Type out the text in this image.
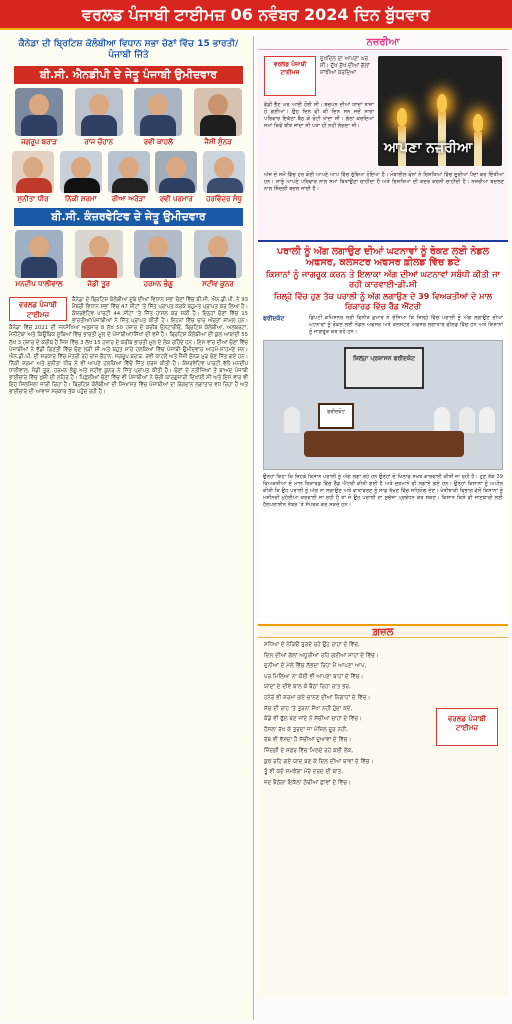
ਵਰਲਡ ਪੰਜਾਬੀ ਟਾਈਮਜ਼ 06 ਨਵੰਬਰ 2024 ਦਿਨ ਬੁੱਧਵਾਰ
ਕੈਨੇਡਾ ਦੀ ਬ੍ਰਿਟਿਸ਼ ਕੋਲੰਬੀਆ ਵਿਧਾਨ ਸਭਾ ਚੋਣਾਂ ਵਿੱਚ 15 ਭਾਰਤੀ/ਪੰਜਾਬੀ ਜਿੱਤੇ
ਬੀ.ਸੀ. ਐਨਡੀਪੀ ਦੇ ਜੇਤੂ ਪੰਜਾਬੀ ਉਮੀਦਵਾਰ
ਜਗਰੂਪ ਬਰਾੜ	ਰਾਜ ਚੌਹਾਨ	ਰਵੀ ਕਾਹਲੋਂ	ਜੈਸੀ ਸੁੰਨੜ
ਸੁਨੀਤਾ ਧੀਰ	ਨਿੱਕੀ ਸ਼ਰਮਾ	ਰੀਆ ਅਰੋੜਾ	ਰਵੀ ਪਰਮਾਰ	ਹਰਵਿੰਦਰ ਸੰਧੂ
ਬੀ.ਸੀ. ਕੰਜ਼ਰਵੇਟਿਵ ਦੇ ਜੇਤੂ ਉਮੀਦਵਾਰ
ਮਨਦੀਪ ਧਾਲੀਵਾਲ	ਜੋਡੀ ਤੂਰ	ਹਰਮਨ ਭੰਗੂ	ਸਟੀਵ ਕੂਨਰ
ਵਰਲਡ ਪੰਜਾਬੀ ਟਾਈਮਜ਼
ਕੈਨੇਡਾ ਦੇ ਬ੍ਰਿਟਿਸ਼ ਕੋਲੰਬੀਆ ਸੂਬੇ ਦੀਆਂ ਵਿਧਾਨ ਸਭਾ ਚੋਣਾਂ ਵਿੱਚ ਬੀ.ਸੀ. ਐਨ.ਡੀ.ਪੀ. ਨੇ 93 ਮੈਂਬਰੀ ਵਿਧਾਨ ਸਭਾ ਵਿੱਚ 47 ਸੀਟਾਂ 'ਤੇ ਜਿੱਤ ਪ੍ਰਾਪਤ ਕਰਕੇ ਬਹੁਮਤ ਪ੍ਰਾਪਤ ਕਰ ਲਿਆ ਹੈ। ਕੰਜ਼ਰਵੇਟਿਵ ਪਾਰਟੀ 44 ਸੀਟਾਂ 'ਤੇ ਜਿੱਤ ਹਾਸਲ ਕਰ ਸਕੀ ਹੈ। ਇਨ੍ਹਾਂ ਚੋਣਾਂ ਵਿੱਚ 15 ਭਾਰਤੀਆਂ/ਪੰਜਾਬੀਆਂ ਨੇ ਜਿੱਤ ਪ੍ਰਾਪਤ ਕੀਤੀ ਹੈ। ਇਹਨਾਂ ਵਿੱਚ ਚਾਰ ਔਰਤਾਂ ਸ਼ਾਮਲ ਹਨ। ਕੈਨੇਡਾ ਵਿੱਚ 2021 ਦੀ ਜਨਸੰਖਿਆ ਅਨੁਸਾਰ 8 ਲੱਖ 50 ਹਜ਼ਾਰ ਦੇ ਕਰੀਬ ਓਨਟਾਰੀਓ, ਬ੍ਰਿਟਿਸ਼ ਕੋਲੰਬੀਆ, ਅਲਬਰਟਾ, ਮੈਨੀਟੋਬਾ ਅਤੇ ਕਿਊਬਿਕ ਸੂਬਿਆਂ ਵਿੱਚ ਭਾਰਤੀ ਮੂਲ ਦੇ ਪੰਜਾਬੀਆਂ/ਸਿੱਖਾਂ ਦੀ ਵਸੋਂ ਹੈ। ਬ੍ਰਿਟਿਸ਼ ਕੋਲੰਬੀਆ ਦੀ ਕੁਲ ਆਬਾਦੀ 55 ਲੱਖ 3 ਹਜ਼ਾਰ ਦੇ ਕਰੀਬ ਹੈ ਜਿਸ ਵਿੱਚ 3 ਲੱਖ 15 ਹਜ਼ਾਰ ਦੇ ਕਰੀਬ ਭਾਰਤੀ ਮੂਲ ਦੇ ਲੋਕ ਰਹਿੰਦੇ ਹਨ। ਇਸ ਵਾਰ ਦੀਆਂ ਚੋਣਾਂ ਵਿੱਚ ਪੰਜਾਬੀਆਂ ਨੇ ਵੱਡੀ ਗਿਣਤੀ ਵਿੱਚ ਚੋਣ ਲੜੀ ਸੀ ਅਤੇ ਬਹੁਤ ਸਾਰੇ ਹਲਕਿਆਂ ਵਿੱਚ ਪੰਜਾਬੀ ਉਮੀਦਵਾਰ ਆਹਮੋ-ਸਾਹਮਣੇ ਸਨ। ਐਨ.ਡੀ.ਪੀ. ਦੀ ਸਰਕਾਰ ਵਿੱਚ ਮੰਤਰੀ ਰਹੇ ਰਾਜ ਚੌਹਾਨ, ਜਗਰੂਪ ਬਰਾੜ, ਰਵੀ ਕਾਹਲੋਂ ਅਤੇ ਜੈਸੀ ਸੁੰਨੜ ਮੁੜ ਚੋਣ ਜਿੱਤ ਗਏ ਹਨ। ਨਿੱਕੀ ਸ਼ਰਮਾ ਅਤੇ ਸੁਨੀਤਾ ਧੀਰ ਨੇ ਵੀ ਆਪਣੇ ਹਲਕਿਆਂ ਵਿੱਚੋਂ ਜਿੱਤ ਦਰਜ ਕੀਤੀ ਹੈ। ਕੰਜ਼ਰਵੇਟਿਵ ਪਾਰਟੀ ਵੱਲੋਂ ਮਨਦੀਪ ਧਾਲੀਵਾਲ, ਜੋਡੀ ਤੂਰ, ਹਰਮਨ ਭੰਗੂ ਅਤੇ ਸਟੀਵ ਕੂਨਰ ਨੇ ਜਿੱਤ ਪ੍ਰਾਪਤ ਕੀਤੀ ਹੈ। ਚੋਣਾਂ ਦੇ ਨਤੀਜਿਆਂ ਤੋਂ ਬਾਅਦ ਪੰਜਾਬੀ ਭਾਈਚਾਰੇ ਵਿੱਚ ਖੁਸ਼ੀ ਦੀ ਲਹਿਰ ਹੈ। ਪਿਛਲੀਆਂ ਚੋਣਾਂ ਵਿੱਚ ਵੀ ਪੰਜਾਬੀਆਂ ਨੇ ਚੰਗੀ ਕਾਰਗੁਜ਼ਾਰੀ ਦਿਖਾਈ ਸੀ ਅਤੇ ਇਸ ਵਾਰ ਵੀ ਇਹ ਸਿਲਸਿਲਾ ਜਾਰੀ ਰਿਹਾ ਹੈ। ਬ੍ਰਿਟਿਸ਼ ਕੋਲੰਬੀਆ ਦੀ ਸਿਆਸਤ ਵਿੱਚ ਪੰਜਾਬੀਆਂ ਦਾ ਯੋਗਦਾਨ ਲਗਾਤਾਰ ਵਧ ਰਿਹਾ ਹੈ ਅਤੇ ਭਾਈਚਾਰੇ ਦੀ ਆਵਾਜ਼ ਸਰਕਾਰ ਤੱਕ ਪਹੁੰਚ ਰਹੀ ਹੈ।
ਨਜ਼ਰੀਆ
ਵਰਲਡ ਪੰਜਾਬੀ ਟਾਈਮਜ਼
ਦੁਖਦਿਲ ਦਾ ਆਪਣਾ ਘਰ ਸੀ। ਦੁੱਖ ਸੁੱਖ ਦੀਆਂ ਗੱਲਾਂ ਸਾਂਝੀਆਂ ਕਰਦਿਆਂ
ਵੱਡੀ ਭੈਣ ਘਰ ਆਈ ਹੋਈ ਸੀ। ਬਚਪਨ ਦੀਆਂ ਯਾਦਾਂ ਤਾਜ਼ਾ ਹੋ ਗਈਆਂ। ਉਹ ਦਿਨ ਵੀ ਕੀ ਦਿਨ ਸਨ ਜਦੋਂ ਸਾਰਾ ਪਰਿਵਾਰ ਇਕੱਠਾ ਬੈਠ ਕੇ ਰੋਟੀ ਖਾਂਦਾ ਸੀ। ਗੱਲਾਂ ਕਰਦਿਆਂ ਸਮਾਂ ਕਿਵੇਂ ਬੀਤ ਜਾਂਦਾ ਸੀ ਪਤਾ ਹੀ ਨਹੀਂ ਲੱਗਦਾ ਸੀ।
ਆਪਣਾ ਨਜ਼ਰੀਆ
ਅੱਜ ਦੇ ਸਮੇਂ ਵਿੱਚ ਹਰ ਕੋਈ ਆਪਣੇ ਆਪ ਵਿੱਚ ਰੁੱਝਿਆ ਹੋਇਆ ਹੈ। ਮੋਬਾਈਲ ਫੋਨਾਂ ਨੇ ਰਿਸ਼ਤਿਆਂ ਵਿੱਚ ਦੂਰੀਆਂ ਪੈਦਾ ਕਰ ਦਿੱਤੀਆਂ ਹਨ। ਸਾਨੂੰ ਆਪਣੇ ਪਰਿਵਾਰ ਨਾਲ ਸਮਾਂ ਬਿਤਾਉਣਾ ਚਾਹੀਦਾ ਹੈ ਅਤੇ ਰਿਸ਼ਤਿਆਂ ਦੀ ਕਦਰ ਕਰਨੀ ਚਾਹੀਦੀ ਹੈ। ਨਜ਼ਰੀਆ ਬਦਲਣ ਨਾਲ ਜ਼ਿੰਦਗੀ ਬਦਲ ਜਾਂਦੀ ਹੈ।
ਪਰਾਲੀ ਨੂੰ ਅੱਗ ਲਗਾਉਣ ਦੀਆਂ ਘਟਨਾਵਾਂ ਨੂੰ ਰੋਕਣ ਲਈ ਨੋਡਲ ਅਫਸਰ, ਕਲਸਟਰ ਅਫਸਰ ਫ਼ੀਲਡ ਵਿੱਚ ਡਟੇ
ਕਿਸਾਨਾਂ ਨੂੰ ਜਾਗਰੂਕ ਕਰਨ ਤੇ ਇਲਾਕਾ ਅੱਗ ਦੀਆਂ ਘਟਨਾਵਾਂ ਸਬੰਧੀ ਕੀਤੀ ਜਾ ਰਹੀ ਕਾਰਵਾਈ-ਡੀ.ਸੀ
ਜ਼ਿਲ੍ਹੇ ਵਿੱਚ ਹੁਣ ਤੱਕ ਪਰਾਲੀ ਨੂੰ ਅੱਗ ਲਗਾਉਣ ਦੇ 39 ਵਿਅਕਤੀਆਂ ਦੇ ਮਾਲ ਰਿਕਾਰਡ ਵਿੱਚ ਰੈੱਡ ਐਂਟਰੀ
ਫਰੀਦਕੋਟ	ਡਿਪਟੀ ਕਮਿਸ਼ਨਰ ਸ੍ਰੀ ਵਿਨੀਤ ਕੁਮਾਰ ਨੇ ਦੱਸਿਆ ਕਿ ਜ਼ਿਲ੍ਹੇ ਵਿੱਚ ਪਰਾਲੀ ਨੂੰ ਅੱਗ ਲਗਾਉਣ ਦੀਆਂ ਘਟਨਾਵਾਂ ਨੂੰ ਰੋਕਣ ਲਈ ਨੋਡਲ ਅਫਸਰ ਅਤੇ ਕਲਸਟਰ ਅਫਸਰ ਲਗਾਤਾਰ ਫੀਲਡ ਵਿੱਚ ਹਨ ਅਤੇ ਕਿਸਾਨਾਂ ਨੂੰ ਜਾਗਰੂਕ ਕਰ ਰਹੇ ਹਨ।
ਜ਼ਿਲ੍ਹਾ ਪ੍ਰਸ਼ਾਸਨ ਫਰੀਦਕੋਟ
ਫਰੀਦਕੋਟ
ਉਨ੍ਹਾਂ ਕਿਹਾ ਕਿ ਜਿਹੜੇ ਕਿਸਾਨ ਪਰਾਲੀ ਨੂੰ ਅੱਗ ਲਗਾ ਰਹੇ ਹਨ ਉਨ੍ਹਾਂ ਦੇ ਖਿਲਾਫ ਸਖ਼ਤ ਕਾਰਵਾਈ ਕੀਤੀ ਜਾ ਰਹੀ ਹੈ। ਹੁਣ ਤੱਕ 39 ਵਿਅਕਤੀਆਂ ਦੇ ਮਾਲ ਰਿਕਾਰਡ ਵਿੱਚ ਰੈੱਡ ਐਂਟਰੀ ਕੀਤੀ ਗਈ ਹੈ ਅਤੇ ਜੁਰਮਾਨੇ ਵੀ ਲਗਾਏ ਗਏ ਹਨ। ਉਨ੍ਹਾਂ ਕਿਸਾਨਾਂ ਨੂੰ ਅਪੀਲ ਕੀਤੀ ਕਿ ਉਹ ਪਰਾਲੀ ਨੂੰ ਅੱਗ ਨਾ ਲਗਾਉਣ ਅਤੇ ਵਾਤਾਵਰਣ ਨੂੰ ਸਾਫ਼ ਰੱਖਣ ਵਿੱਚ ਸਹਿਯੋਗ ਦੇਣ। ਖੇਤੀਬਾੜੀ ਵਿਭਾਗ ਵੱਲੋਂ ਕਿਸਾਨਾਂ ਨੂੰ ਮਸ਼ੀਨਰੀ ਮੁਹੱਈਆ ਕਰਵਾਈ ਜਾ ਰਹੀ ਹੈ ਤਾਂ ਜੋ ਉਹ ਪਰਾਲੀ ਦਾ ਸੁਚੱਜਾ ਪ੍ਰਬੰਧਨ ਕਰ ਸਕਣ। ਕਿਸਾਨ ਕਿਸੇ ਵੀ ਜਾਣਕਾਰੀ ਲਈ ਹੈਲਪਲਾਈਨ ਨੰਬਰ 'ਤੇ ਸੰਪਰਕ ਕਰ ਸਕਦੇ ਹਨ।
ਗ਼ਜ਼ਲ
ਵਰਲਡ ਪੰਜਾਬੀ ਟਾਈਮਜ਼
ਸਧਿਆਂ ਦੇ ਨੇੜਿਓਂ ਤੁਰਦੇ ਰਹੇ ਉਹ ਰਾਹਾਂ ਦੇ ਵਿੱਚ,
ਦਿਲ ਦੀਆਂ ਗੱਲਾਂ ਅਧੂਰੀਆਂ ਰਹਿ ਗਈਆਂ ਸਾਹਾਂ ਦੇ ਵਿੱਚ।
ਦੁਨੀਆਂ ਦੇ ਮੇਲੇ ਵਿੱਚ ਲੱਭਦਾ ਰਿਹਾ ਮੈਂ ਆਪਣਾ ਆਪ,
ਪਰ ਮਿਲਿਆ ਨਾ ਕੋਈ ਵੀ ਆਪਣਾ ਬਾਹਾਂ ਦੇ ਵਿੱਚ।
ਯਾਦਾਂ ਦੇ ਦੀਵੇ ਬਾਲ ਕੇ ਬੈਠਾ ਰਿਹਾ ਰਾਤ ਭਰ,
ਹਨੇਰੇ ਵੀ ਸ਼ਰਮਾ ਗਏ ਚਾਨਣ ਦੀਆਂ ਨਿਗਾਹਾਂ ਦੇ ਵਿੱਚ।
ਸੱਚ ਦੀ ਰਾਹ 'ਤੇ ਤੁਰਨਾ ਸੌਖਾ ਨਹੀਂ ਹੁੰਦਾ ਕਦੇ,
ਕੰਡੇ ਵੀ ਫੁੱਲ ਬਣ ਜਾਂਦੇ ਨੇ ਸੱਚੀਆਂ ਚਾਹਾਂ ਦੇ ਵਿੱਚ।
ਹੌਸਲਾ ਰੱਖ ਕੇ ਤੁਰਦਾ ਜਾ ਮੰਜ਼ਿਲ ਦੂਰ ਨਹੀਂ,
ਰੱਬ ਵੀ ਵੱਸਦਾ ਹੈ ਸੱਚੀਆਂ ਦੁਆਵਾਂ ਦੇ ਵਿੱਚ।
ਜ਼ਿੰਦਗੀ ਦੇ ਸਫ਼ਰ ਵਿੱਚ ਮਿਲਦੇ ਰਹੇ ਕਈ ਲੋਕ,
ਕੁਝ ਰਹਿ ਗਏ ਯਾਦ ਬਣ ਕੇ ਦਿਲ ਦੀਆਂ ਥਾਵਾਂ ਦੇ ਵਿੱਚ।
ਤੂੰ ਵੀ ਕਦੇ ਸਮਝੇਂਗਾ ਮੇਰੇ ਦਰਦ ਦੀ ਬਾਤ,
ਜਦ ਬੈਠੇਂਗਾ ਇਕੱਲਾ ਠੰਢੀਆਂ ਛਾਵਾਂ ਦੇ ਵਿੱਚ।
